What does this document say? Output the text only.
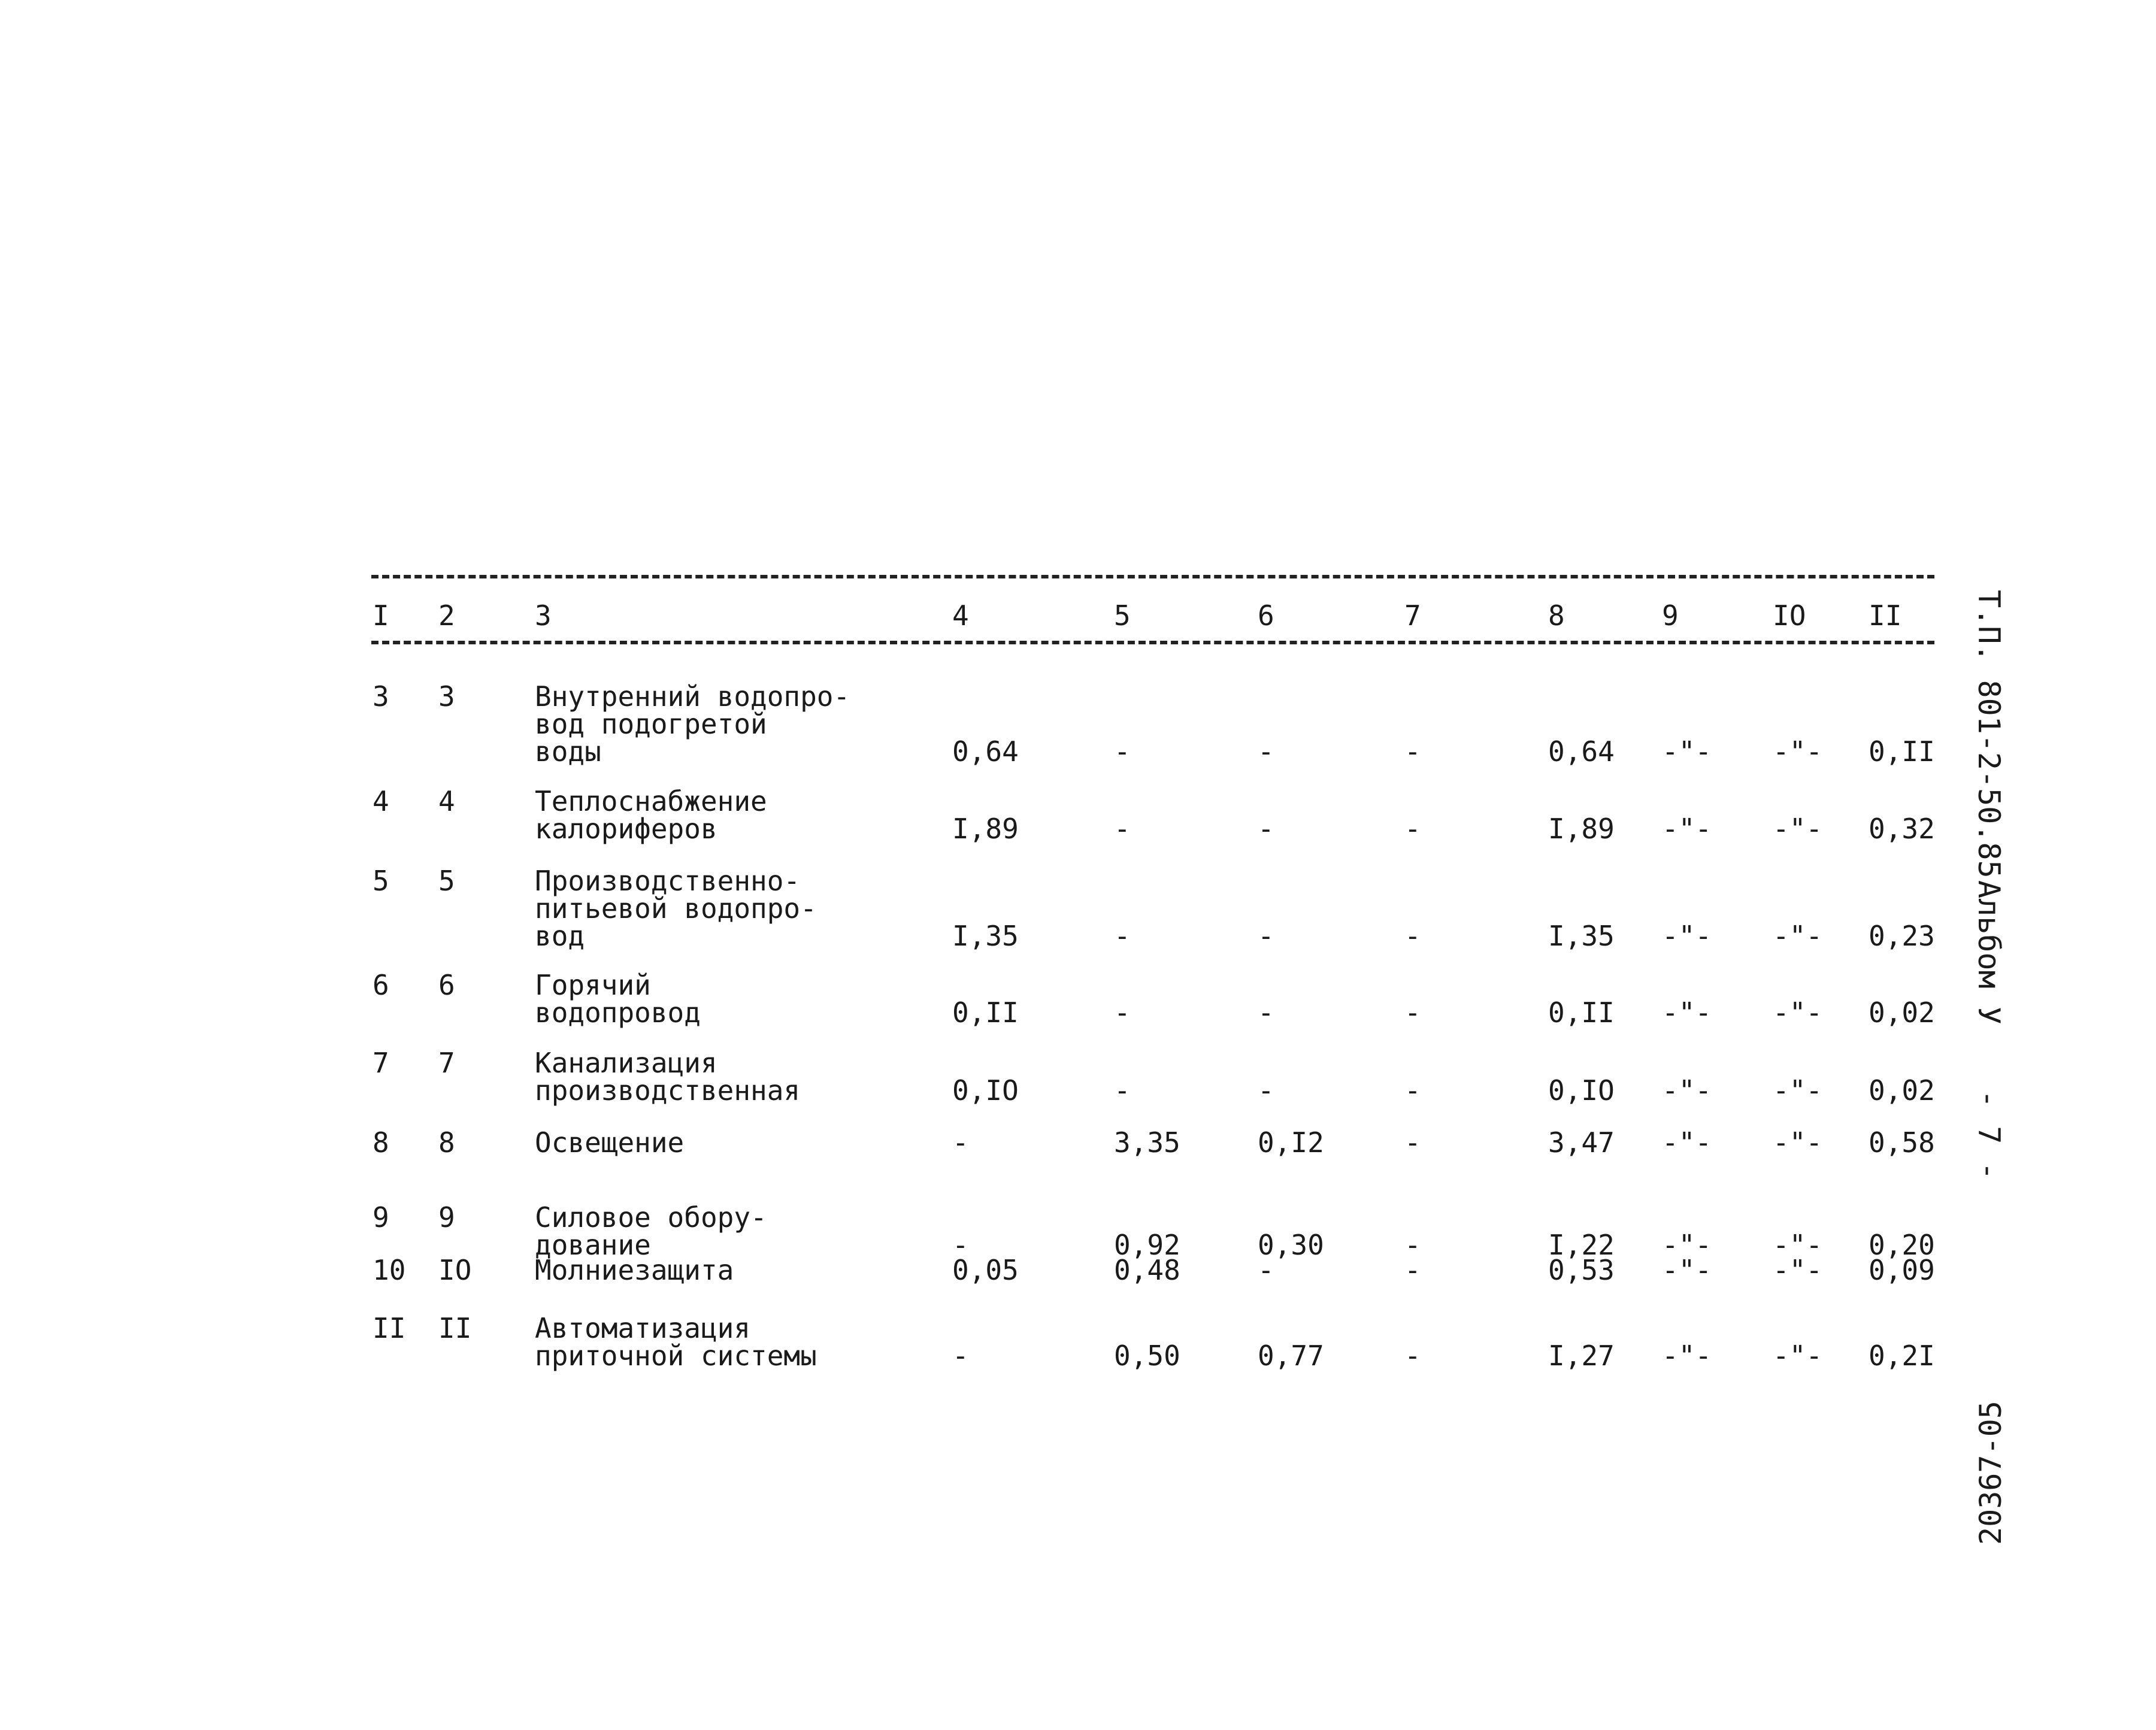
I 2	3	4	5	6	7	8	9	IO II
3 3	Внутренний водопро-
вод подогретой
воды	0,64	-	-	-	0,64 -"- -"- 0,II
4 4	Теплоснабжение
калориферов	I,89	-	-	-	I,89 -"- -"- 0,32
5 5	Производственно-
питьевой водопро-
вод	I,35	-	-	-	I,35 -"- -"- 0,23
6 6	Горячий
водопровод	0,II	-	-	-	0,II -"- -"- 0,02
7 7	Канализация
производственная	0,IO	-	-	-	0,IO -"- -"- 0,02
8 8	Освещение	-	3,35	0,I2	-	3,47 -"- -"- 0,58
9 9	Силовое обору-
дование	-	0,92	0,30	-	I,22 -"- -"- 0,20
10 IO Молниезащита	0,05	0,48	-	-	0,53 -"- -"- 0,09
II II Автоматизация
приточной системы	-	0,50	0,77	-	I,27 -"- -"- 0,2I
Т.П. 801-2-50.85
Альбом У
- 7 -
20367-05
